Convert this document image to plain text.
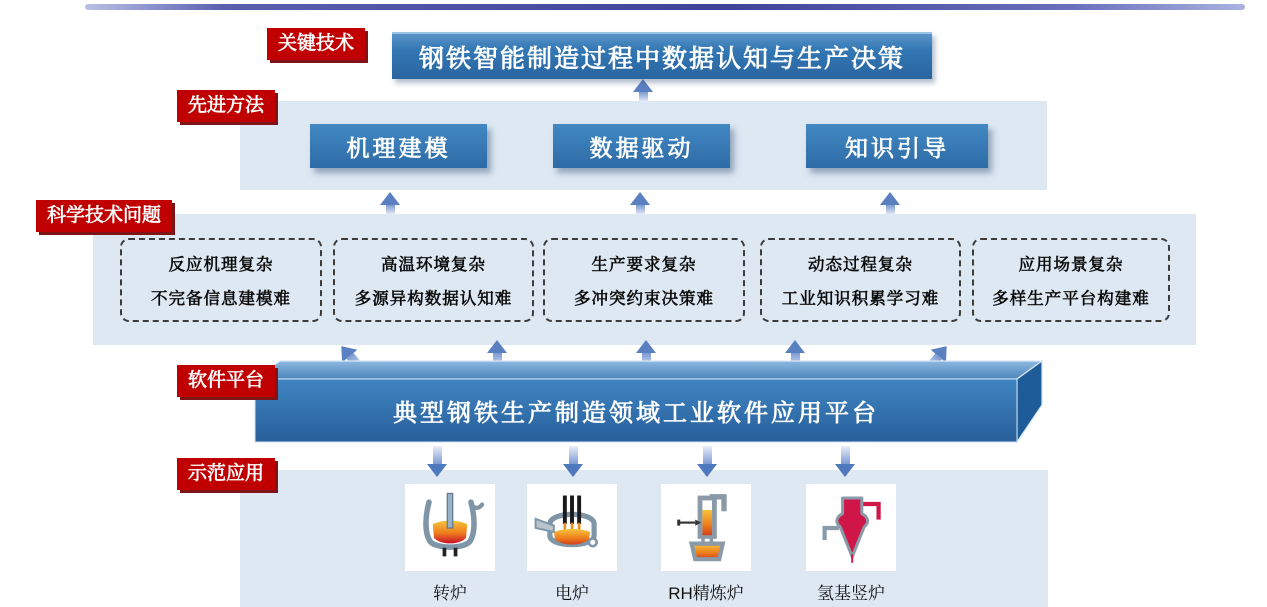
关键技术
先进方法
科学技术问题
软件平台
示范应用
钢铁智能制造过程中数据认知与生产决策
机理建模	数据驱动	知识引导
反应机理复杂
不完备信息建模难
高温环境复杂
多源异构数据认知难
生产要求复杂
多冲突约束决策难
动态过程复杂
工业知识积累学习难
应用场景复杂
多样生产平台构建难
典型钢铁生产制造领域工业软件应用平台
转炉	电炉	RH精炼炉	氢基竖炉
